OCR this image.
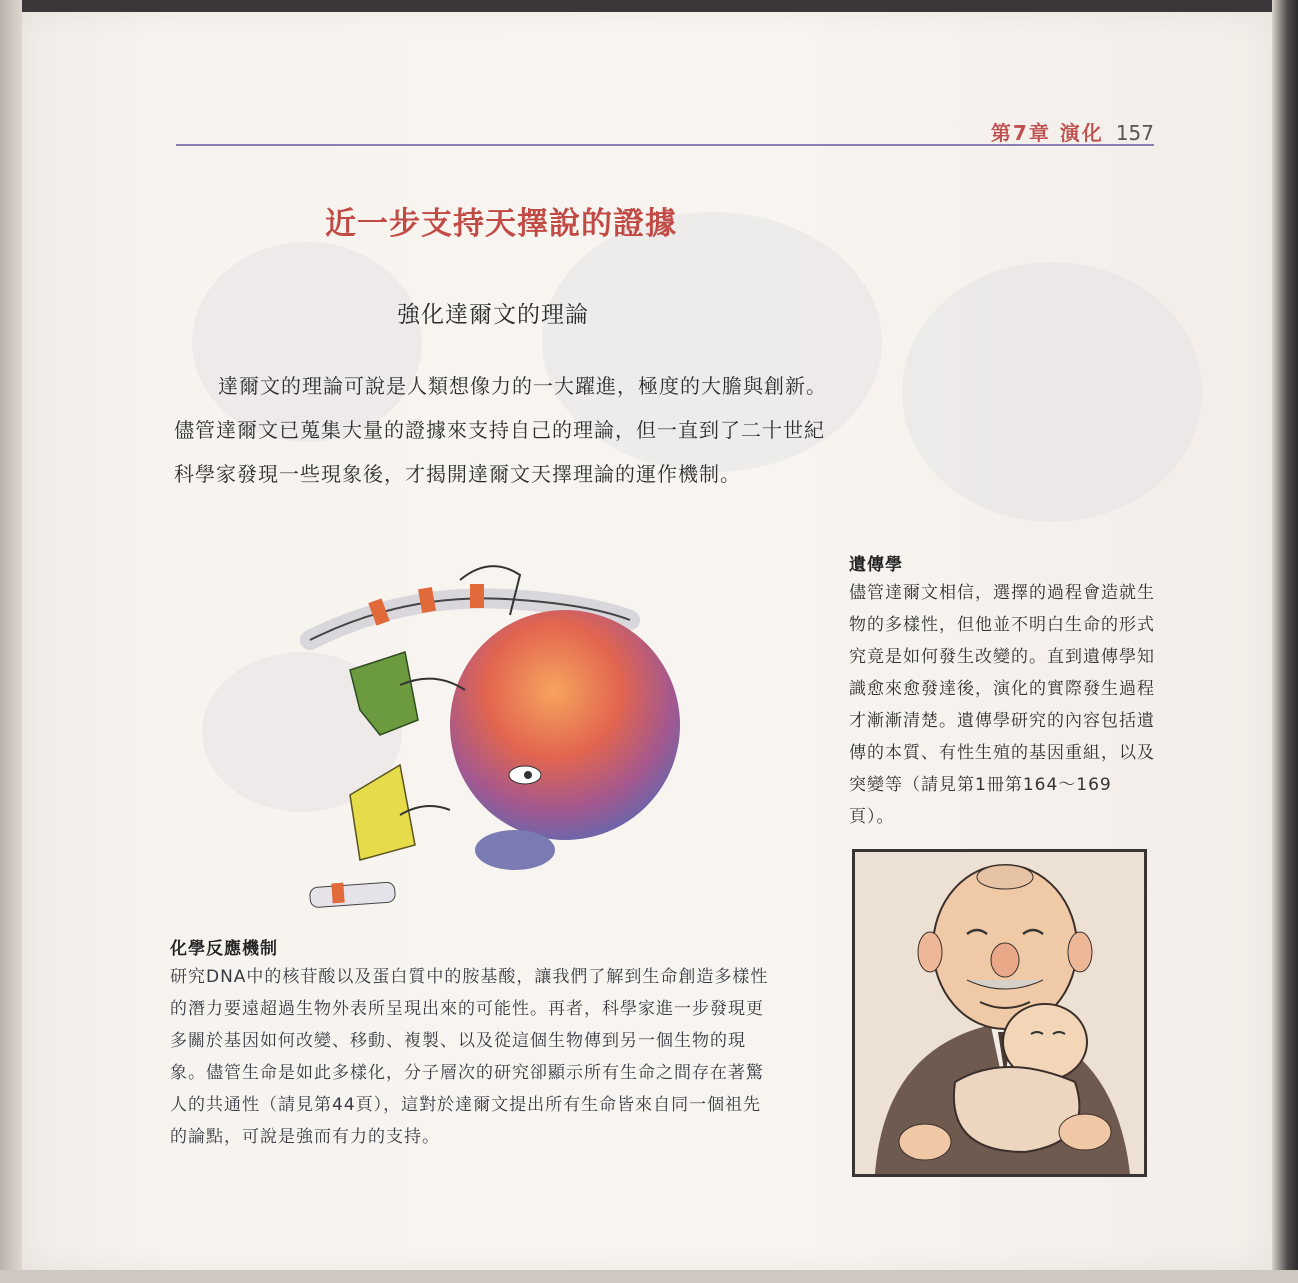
第7章 演化 157
近一步支持天擇說的證據
強化達爾文的理論
達爾文的理論可說是人類想像力的一大躍進，極度的大膽與創新。儘管達爾文已蒐集大量的證據來支持自己的理論，但一直到了二十世紀科學家發現一些現象後，才揭開達爾文天擇理論的運作機制。
遺傳學
儘管達爾文相信，選擇的過程會造就生物的多樣性，但他並不明白生命的形式究竟是如何發生改變的。直到遺傳學知識愈來愈發達後，演化的實際發生過程才漸漸清楚。遺傳學研究的內容包括遺傳的本質、有性生殖的基因重組，以及突變等（請見第1冊第164～169頁）。
化學反應機制
研究DNA中的核苷酸以及蛋白質中的胺基酸，讓我們了解到生命創造多樣性的潛力要遠超過生物外表所呈現出來的可能性。再者，科學家進一步發現更多關於基因如何改變、移動、複製、以及從這個生物傳到另一個生物的現象。儘管生命是如此多樣化，分子層次的研究卻顯示所有生命之間存在著驚人的共通性（請見第44頁），這對於達爾文提出所有生命皆來自同一個祖先的論點，可說是強而有力的支持。
